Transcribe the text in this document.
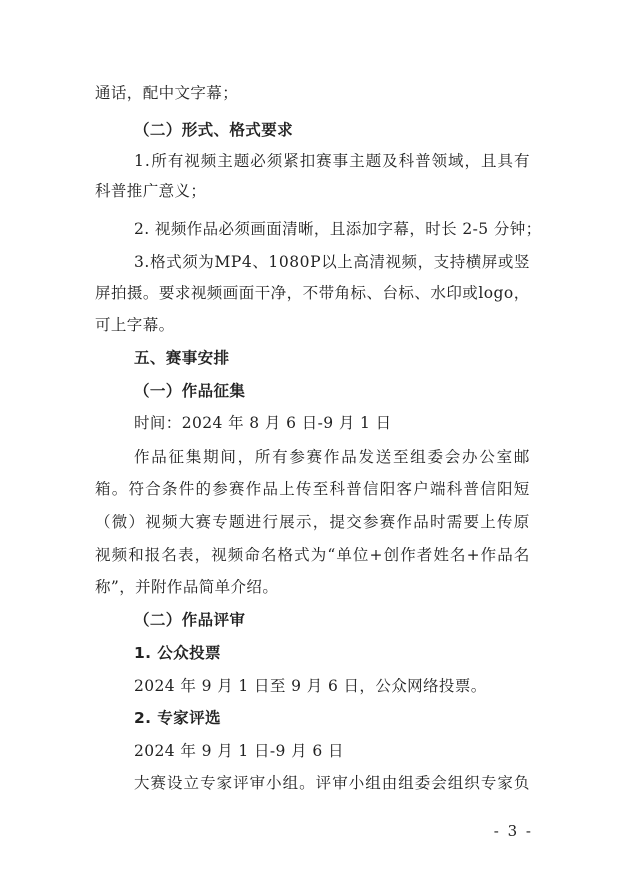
通话，配中文字幕；
（二）形式、格式要求
1 . 所 有 视 频 主 题 必 须 紧 扣 赛 事 主 题 及 科 普 领 域 ， 且 具 有
科普推广意义；
2. 视频作品必须画面清晰，且添加字幕，时长 2-5 分钟；
3 . 格 式 须 为 M P 4 、 1 0 8 0 P 以 上 高 清 视 频 ， 支 持 横 屏 或 竖
屏 拍 摄 。 要 求 视 频 画 面 干 净 ， 不 带 角 标 、 台 标 、 水 印 或 l o g o ，
可上字幕。
五、赛事安排
（一）作品征集
时间：2024 年 8 月 6 日-9 月 1 日
作 品 征 集 期 间 ， 所 有 参 赛 作 品 发 送 至 组 委 会 办 公 室 邮
箱 。 符 合 条 件 的 参 赛 作 品 上 传 至 科 普 信 阳 客 户 端 科 普 信 阳 短
（ 微 ） 视 频 大 赛 专 题 进 行 展 示 ， 提 交 参 赛 作 品 时 需 要 上 传 原
视 频 和 报 名 表 ， 视 频 命 名 格 式 为 “ 单 位 + 创 作 者 姓 名 + 作 品 名
称”，并附作品简单介绍。
（二）作品评审
1. 公众投票
2024 年 9 月 1 日至 9 月 6 日，公众网络投票。
2. 专家评选
2024 年 9 月 1 日-9 月 6 日
大 赛 设 立 专 家 评 审 小 组 。 评 审 小 组 由 组 委 会 组 织 专 家 负
- 3 -
